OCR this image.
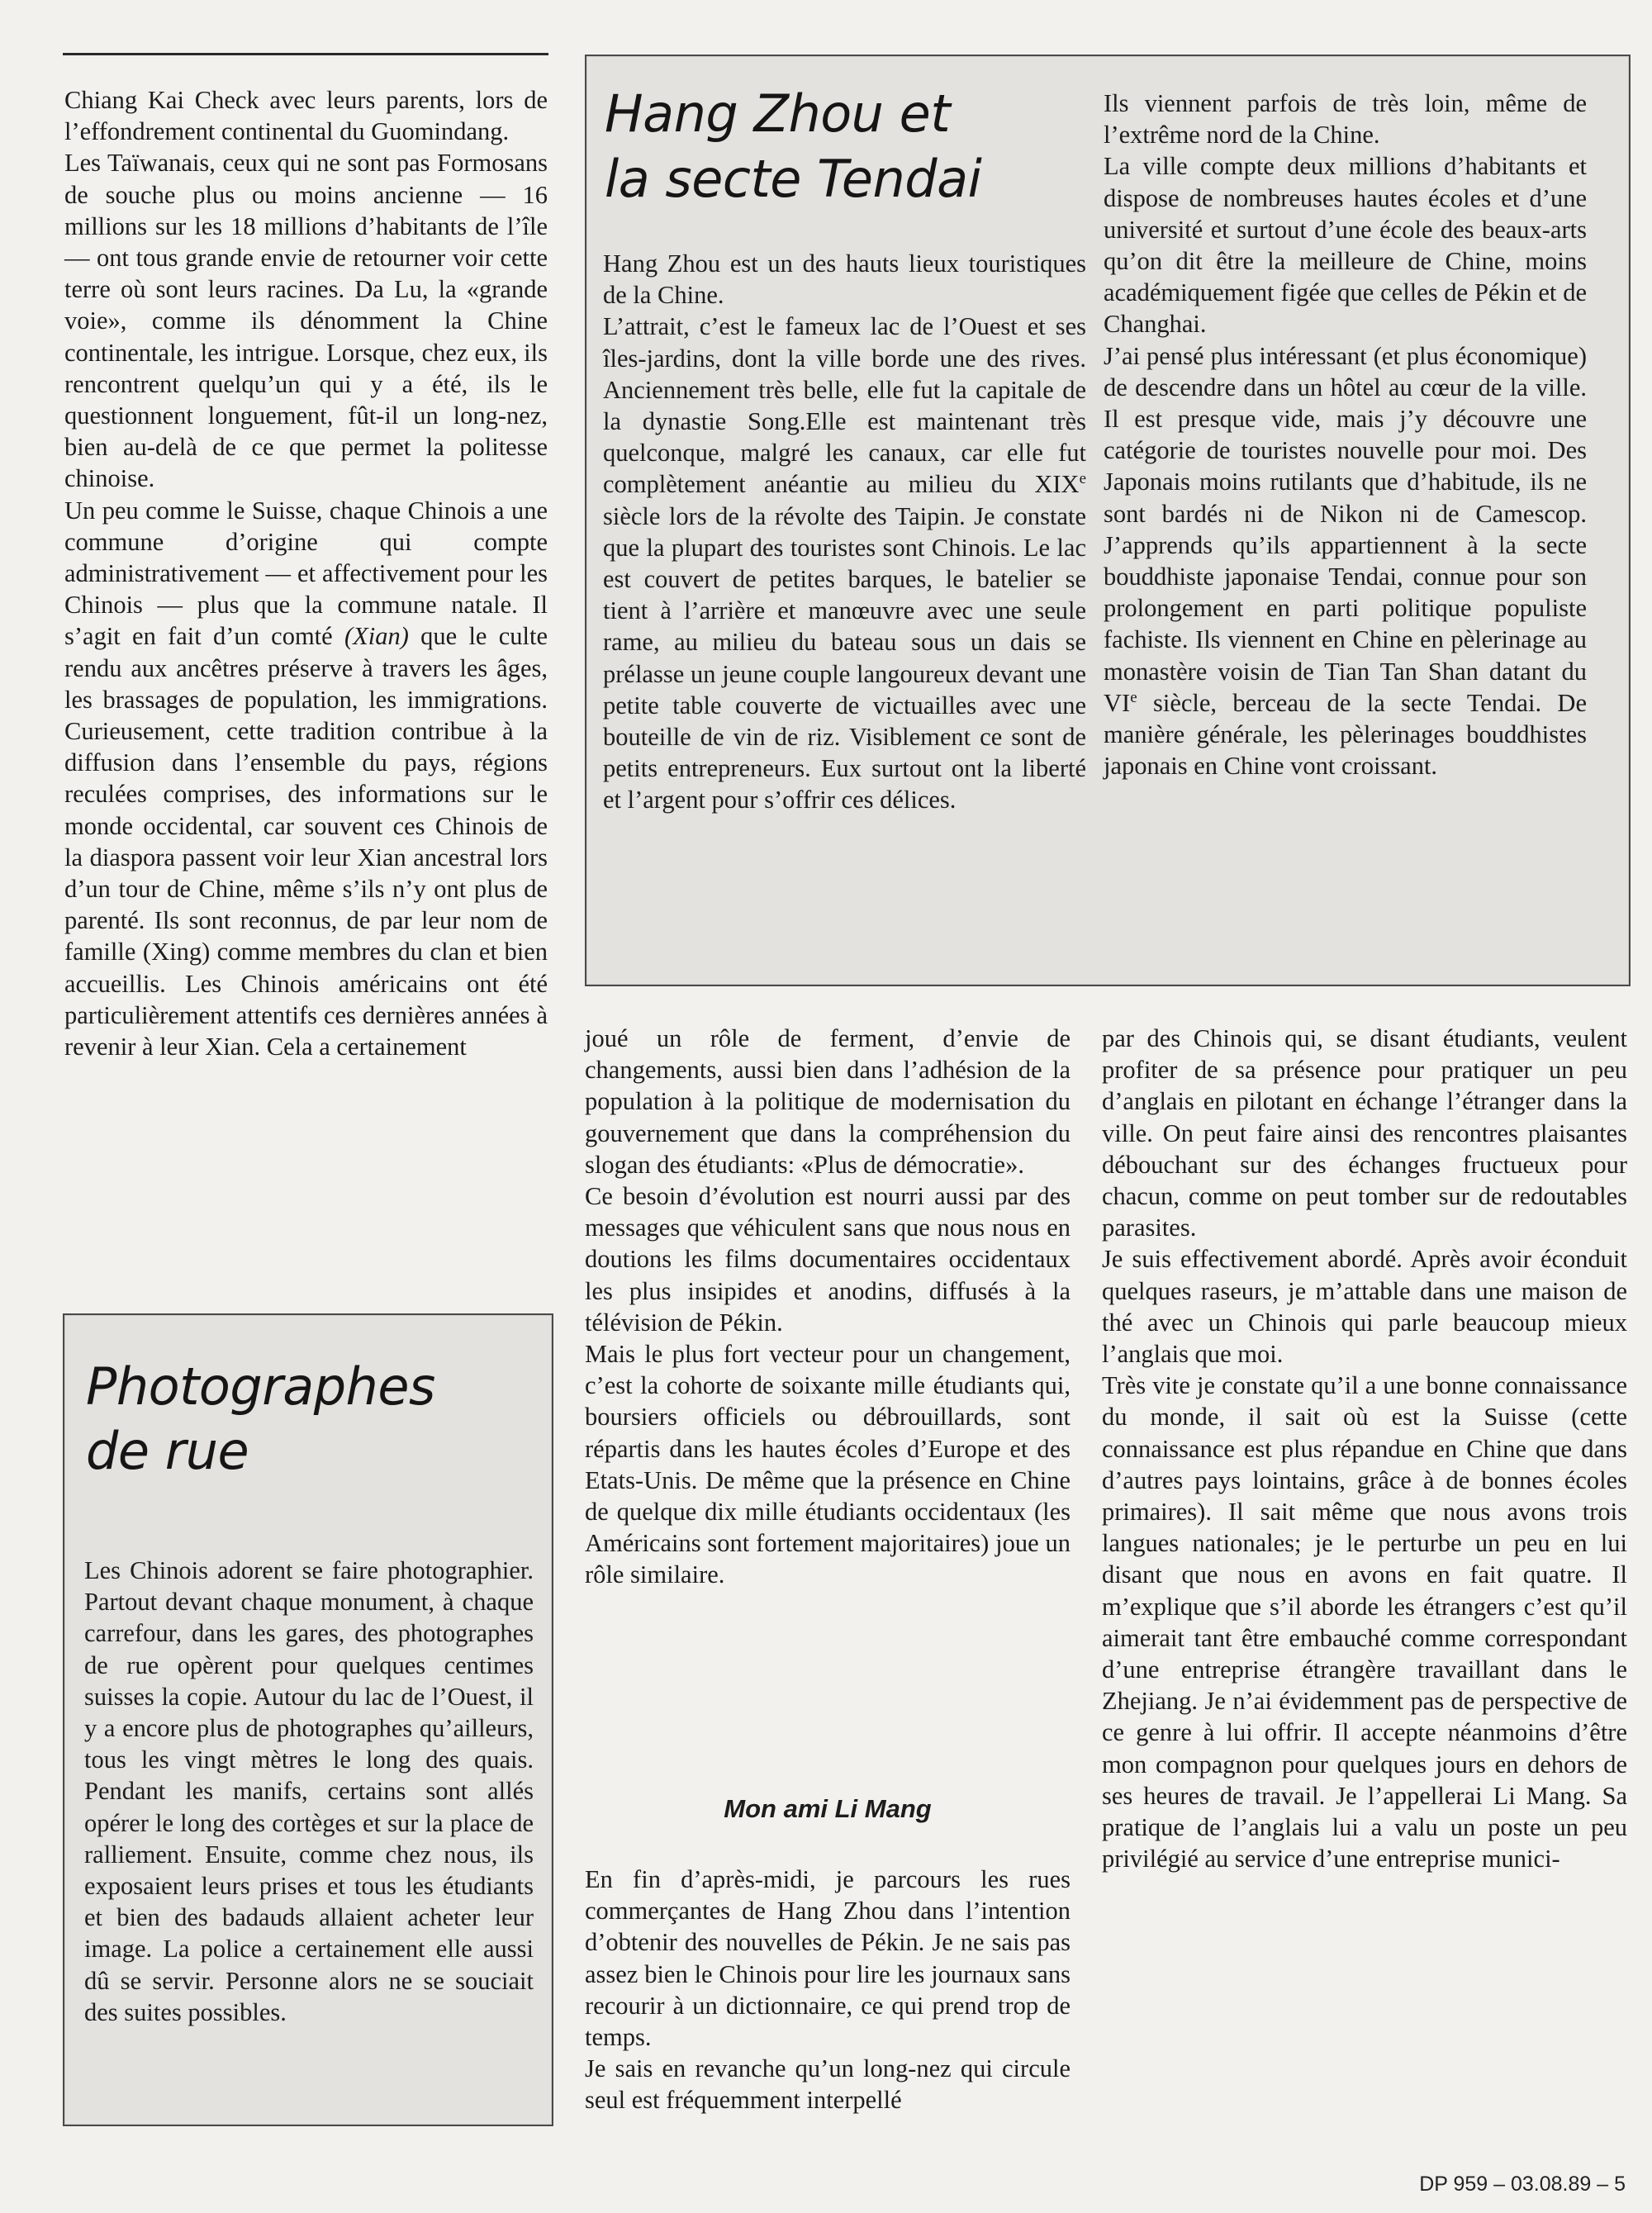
Chiang Kai Check avec leurs parents, lors de l’effondrement continental du Guomindang.

Les Taïwanais, ceux qui ne sont pas Formosans de souche plus ou moins ancienne — 16 millions sur les 18 millions d’habitants de l’île — ont tous grande envie de retourner voir cette terre où sont leurs racines. Da Lu, la «grande voie», comme ils dénomment la Chine continentale, les intrigue. Lorsque, chez eux, ils rencontrent quelqu’un qui y a été, ils le questionnent longuement, fût-il un long-nez, bien au-delà de ce que permet la politesse chinoise.

Un peu comme le Suisse, chaque Chinois a une commune d’origine qui compte administrativement — et affectivement pour les Chinois — plus que la commune natale. Il s’agit en fait d’un comté (Xian) que le culte rendu aux ancêtres préserve à travers les âges, les brassages de population, les immigrations. Curieusement, cette tradition contribue à la diffusion dans l’ensemble du pays, régions reculées comprises, des informations sur le monde occidental, car souvent ces Chinois de la diaspora passent voir leur Xian ancestral lors d’un tour de Chine, même s’ils n’y ont plus de parenté. Ils sont reconnus, de par leur nom de famille (Xing) comme membres du clan et bien accueillis. Les Chinois américains ont été particulièrement attentifs ces dernières années à revenir à leur Xian. Cela a certainement

Photographes
de rue

Les Chinois adorent se faire photographier. Partout devant chaque monument, à chaque carrefour, dans les gares, des photographes de rue opèrent pour quelques centimes suisses la copie. Autour du lac de l’Ouest, il y a encore plus de photographes qu’ailleurs, tous les vingt mètres le long des quais. Pendant les manifs, certains sont allés opérer le long des cortèges et sur la place de ralliement. Ensuite, comme chez nous, ils exposaient leurs prises et tous les étudiants et bien des badauds allaient acheter leur image. La police a certainement elle aussi dû se servir. Personne alors ne se souciait des suites possibles.

Hang Zhou et
la secte Tendai

Hang Zhou est un des hauts lieux touristiques de la Chine.

L’attrait, c’est le fameux lac de l’Ouest et ses îles-jardins, dont la ville borde une des rives. Anciennement très belle, elle fut la capitale de la dynastie Song.Elle est maintenant très quelconque, malgré les canaux, car elle fut complètement anéantie au milieu du XIXe siècle lors de la révolte des Taipin. Je constate que la plupart des touristes sont Chinois. Le lac est couvert de petites barques, le batelier se tient à l’arrière et manœuvre avec une seule rame, au milieu du bateau sous un dais se prélasse un jeune couple langoureux devant une petite table couverte de victuailles avec une bouteille de vin de riz. Visiblement ce sont de petits entrepreneurs. Eux surtout ont la liberté et l’argent pour s’offrir ces délices.

Ils viennent parfois de très loin, même de l’extrême nord de la Chine.

La ville compte deux millions d’habitants et dispose de nombreuses hautes écoles et d’une université et surtout d’une école des beaux-arts qu’on dit être la meilleure de Chine, moins académiquement figée que celles de Pékin et de Changhai.

J’ai pensé plus intéressant (et plus économique) de descendre dans un hôtel au cœur de la ville. Il est presque vide, mais j’y découvre une catégorie de touristes nouvelle pour moi. Des Japonais moins rutilants que d’habitude, ils ne sont bardés ni de Nikon ni de Camescop. J’apprends qu’ils appartiennent à la secte bouddhiste japonaise Tendai, connue pour son prolongement en parti politique populiste fachiste. Ils viennent en Chine en pèlerinage au monastère voisin de Tian Tan Shan datant du VIe siècle, berceau de la secte Tendai. De manière générale, les pèlerinages bouddhistes japonais en Chine vont croissant.

joué un rôle de ferment, d’envie de changements, aussi bien dans l’adhésion de la population à la politique de modernisation du gouvernement que dans la compréhension du slogan des étudiants: «Plus de démocratie».

Ce besoin d’évolution est nourri aussi par des messages que véhiculent sans que nous nous en doutions les films documentaires occidentaux les plus insipides et anodins, diffusés à la télévision de Pékin.

Mais le plus fort vecteur pour un changement, c’est la cohorte de soixante mille étudiants qui, boursiers officiels ou débrouillards, sont répartis dans les hautes écoles d’Europe et des Etats-Unis. De même que la présence en Chine de quelque dix mille étudiants occidentaux (les Américains sont fortement majoritaires) joue un rôle similaire.

Mon ami Li Mang

En fin d’après-midi, je parcours les rues commerçantes de Hang Zhou dans l’intention d’obtenir des nouvelles de Pékin. Je ne sais pas assez bien le Chinois pour lire les journaux sans recourir à un dictionnaire, ce qui prend trop de temps.

Je sais en revanche qu’un long-nez qui circule seul est fréquemment interpellé

par des Chinois qui, se disant étudiants, veulent profiter de sa présence pour pratiquer un peu d’anglais en pilotant en échange l’étranger dans la ville. On peut faire ainsi des rencontres plaisantes débouchant sur des échanges fructueux pour chacun, comme on peut tomber sur de redoutables parasites.

Je suis effectivement abordé. Après avoir éconduit quelques raseurs, je m’attable dans une maison de thé avec un Chinois qui parle beaucoup mieux l’anglais que moi.

Très vite je constate qu’il a une bonne connaissance du monde, il sait où est la Suisse (cette connaissance est plus répandue en Chine que dans d’autres pays lointains, grâce à de bonnes écoles primaires). Il sait même que nous avons trois langues nationales; je le perturbe un peu en lui disant que nous en avons en fait quatre. Il m’explique que s’il aborde les étrangers c’est qu’il aimerait tant être embauché comme correspondant d’une entreprise étrangère travaillant dans le Zhejiang. Je n’ai évidemment pas de perspective de ce genre à lui offrir. Il accepte néanmoins d’être mon compagnon pour quelques jours en dehors de ses heures de travail. Je l’appellerai Li Mang. Sa pratique de l’anglais lui a valu un poste un peu privilégié au service d’une entreprise munici-

DP 959 – 03.08.89 – 5
